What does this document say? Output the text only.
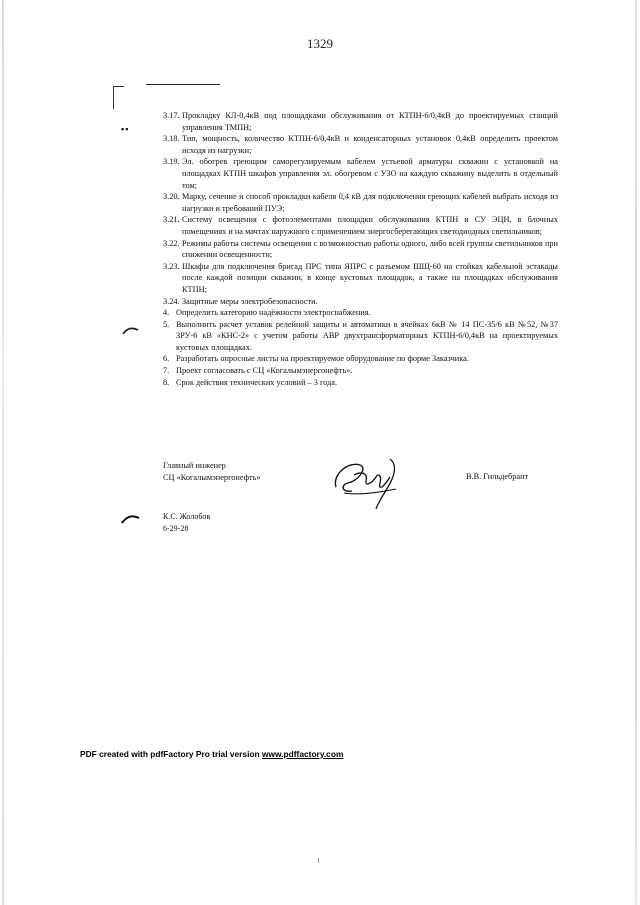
1329
▪▪
3.17. Прокладку КЛ-0,4кВ под площадками обслуживания от КТПН-6/0,4кВ до проектируемых станций управления ТМПН;
3.18. Тип, мощность, количество КТПН-6/0,4кВ и конденсаторных установок 0,4кВ определить проектом исходя из нагрузки;
3.19. Эл. обогрев греющим саморегулируемым кабелем устьевой арматуры скважин с установкой на площадках КТПН шкафов управления эл. обогревом с УЗО на каждую скважину выделить в отдельный том;
3.20. Марку, сечение и способ прокладки кабеля 0,4 кВ для подключения греющих кабелей выбрать исходя из нагрузки и требований ПУЭ;
3.21. Систему освещения с фотоэлементами площадки обслуживания КТПН и СУ ЭЦН, в блочных помещениях и на мачтах наружного с применением энергосберегающих светодиодных светильников;
3.22. Режимы работы системы освещения с возможностью работы одного, либо всей группы светильников при снижении освещенности;
3.23. Шкафы для подключения бригад ПРС типа ЯПРС с разъемом ШЩ-60 на стойках кабельной эстакады после каждой позиции скважин, в конце кустовых площадок, а также на площадках обслуживания КТПН;
3.24. Защитные меры электробезопасности.
4. Определить категорию надёжности электроснабжения.
5. Выполнить расчет уставок релейной защиты и автоматики в ячейках 6кВ № 14 ПС-35/6 кВ №52, №37 ЗРУ-6 кВ «КНС-2» с учетом работы АВР двухтрансформаторных КТПН-6/0,4кВ на проектируемых кустовых площадках.
6. Разработать опросные листы на проектируемое оборудование по форме Заказчика.
7. Проект согласовать с СЦ «Когалымэнергонефть».
8. Срок действия технических условий – 3 года.
Главный инженер
СЦ «Когалымэнергонефть»	В.В. Гильдебрант
К.С. Жолобов
6-29-28
PDF created with pdfFactory Pro trial version www.pdffactory.com
